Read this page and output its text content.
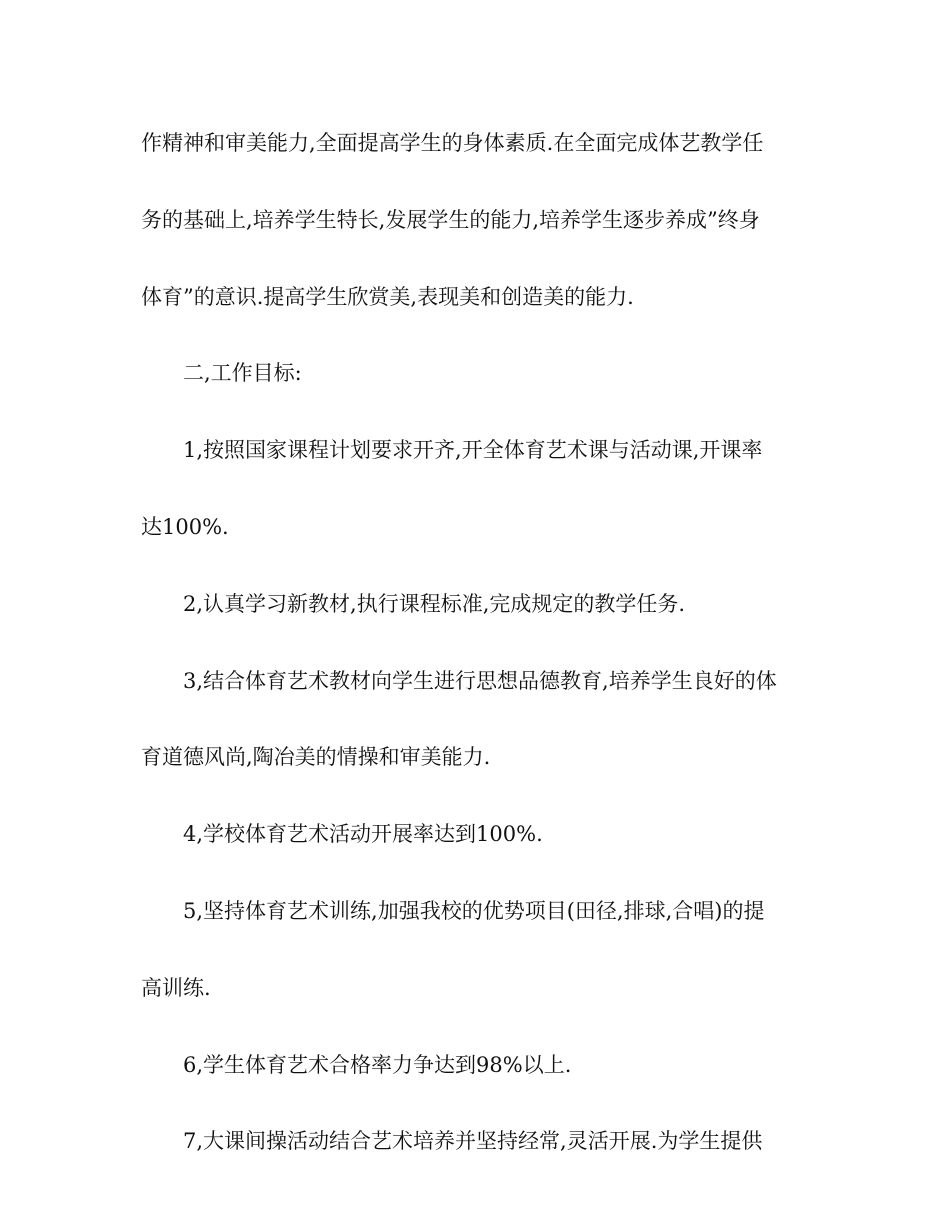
作精神和审美能力,全面提高学生的身体素质.在全面完成体艺教学任
务的基础上,培养学生特长,发展学生的能力,培养学生逐步养成”终身
体育”的意识.提高学生欣赏美,表现美和创造美的能力.
二,工作目标:
1,按照国家课程计划要求开齐,开全体育艺术课与活动课,开课率
达100%.
2,认真学习新教材,执行课程标准,完成规定的教学任务.
3,结合体育艺术教材向学生进行思想品德教育,培养学生良好的体
育道德风尚,陶冶美的情操和审美能力.
4,学校体育艺术活动开展率达到100%.
5,坚持体育艺术训练,加强我校的优势项目(田径,排球,合唱)的提
高训练.
6,学生体育艺术合格率力争达到98%以上.
7,大课间操活动结合艺术培养并坚持经常,灵活开展.为学生提供
